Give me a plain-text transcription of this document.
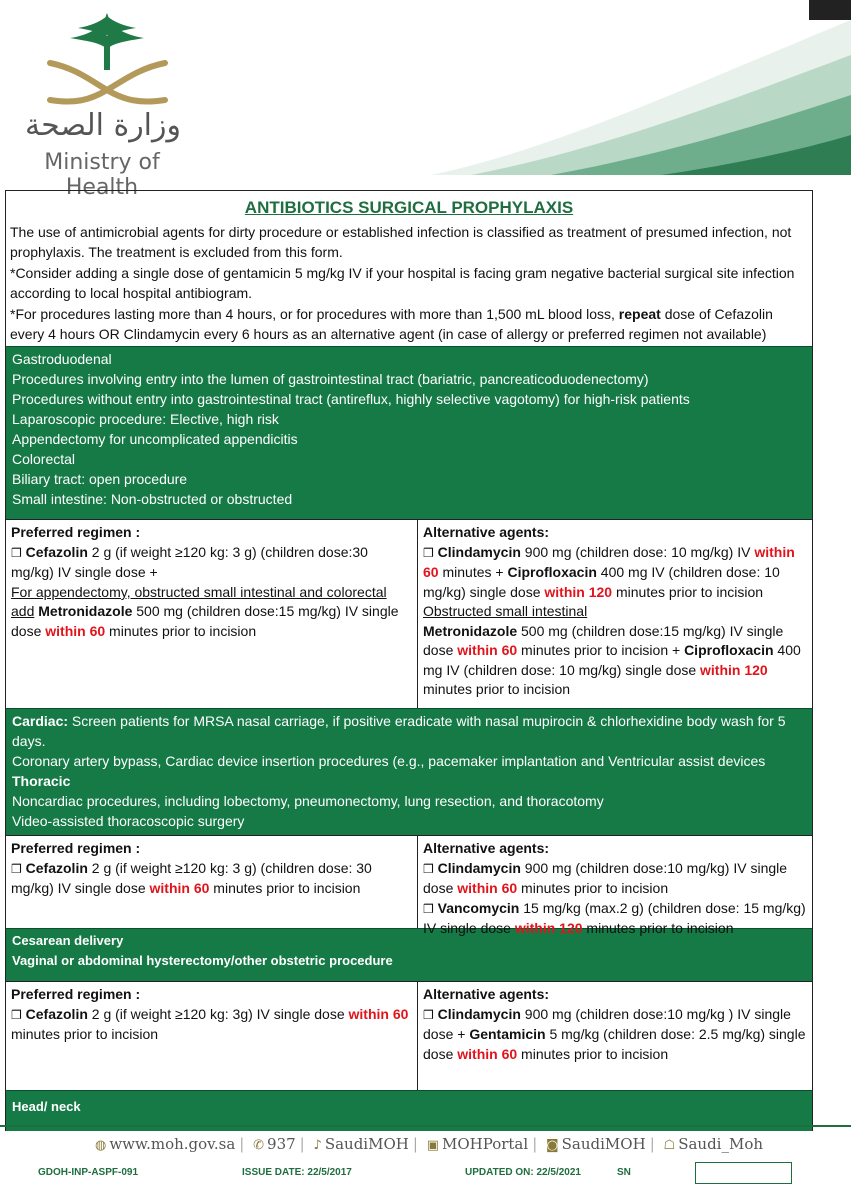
وزارة الصحة
Ministry of Health
ANTIBIOTICS SURGICAL PROPHYLAXIS
The use of antimicrobial agents for dirty procedure or established infection is classified as treatment of presumed infection, not prophylaxis. The treatment is excluded from this form.
*Consider adding a single dose of gentamicin 5 mg/kg IV if your hospital is facing gram negative bacterial surgical site infection according to local hospital antibiogram.
*For procedures lasting more than 4 hours, or for procedures with more than 1,500 mL blood loss, repeat dose of Cefazolin every 4 hours OR Clindamycin every 6 hours as an alternative agent (in case of allergy or preferred regimen not available)
Gastroduodenal
Procedures involving entry into the lumen of gastrointestinal tract (bariatric, pancreaticoduodenectomy)
Procedures without entry into gastrointestinal tract (antireflux, highly selective vagotomy) for high-risk patients
Laparoscopic procedure: Elective, high risk
Appendectomy for uncomplicated appendicitis
Colorectal
Biliary tract: open procedure
Small intestine: Non-obstructed or obstructed
Preferred regimen :
❒ Cefazolin 2 g (if weight ≥120 kg: 3 g) (children dose:30 mg/kg) IV single dose +
For appendectomy, obstructed small intestinal and colorectal add Metronidazole 500 mg (children dose:15 mg/kg) IV single dose within 60 minutes prior to incision
Alternative agents:
❒ Clindamycin 900 mg (children dose: 10 mg/kg) IV within 60 minutes + Ciprofloxacin 400 mg IV (children dose: 10 mg/kg) single dose within 120 minutes prior to incision
Obstructed small intestinal
Metronidazole 500 mg (children dose:15 mg/kg) IV single dose within 60 minutes prior to incision + Ciprofloxacin 400 mg IV (children dose: 10 mg/kg) single dose within 120 minutes prior to incision
Cardiac: Screen patients for MRSA nasal carriage, if positive eradicate with nasal mupirocin & chlorhexidine body wash for 5 days.
Coronary artery bypass, Cardiac device insertion procedures (e.g., pacemaker implantation and Ventricular assist devices
Thoracic
Noncardiac procedures, including lobectomy, pneumonectomy, lung resection, and thoracotomy
Video-assisted thoracoscopic surgery
Preferred regimen :
❒ Cefazolin 2 g (if weight ≥120 kg: 3 g) (children dose: 30 mg/kg) IV single dose within 60 minutes prior to incision
Alternative agents:
❒ Clindamycin 900 mg (children dose:10 mg/kg) IV single dose within 60 minutes prior to incision
❒ Vancomycin 15 mg/kg (max.2 g) (children dose: 15 mg/kg) IV single dose within 120 minutes prior to incision
Cesarean delivery
Vaginal or abdominal hysterectomy/other obstetric procedure
Preferred regimen :
❒ Cefazolin 2 g (if weight ≥120 kg: 3g) IV single dose within 60 minutes prior to incision
Alternative agents:
❒ Clindamycin 900 mg (children dose:10 mg/kg ) IV single dose + Gentamicin 5 mg/kg (children dose: 2.5 mg/kg) single dose within 60 minutes prior to incision
Head/ neck
◍ www.moh.gov.sa | ✆ 937 | ♪ SaudiMOH | ▣ MOHPortal | ◙ SaudiMOH | ☖ Saudi_Moh
GDOH-INP-ASPF-091	ISSUE DATE: 22/5/2017	UPDATED ON: 22/5/2021	SN
